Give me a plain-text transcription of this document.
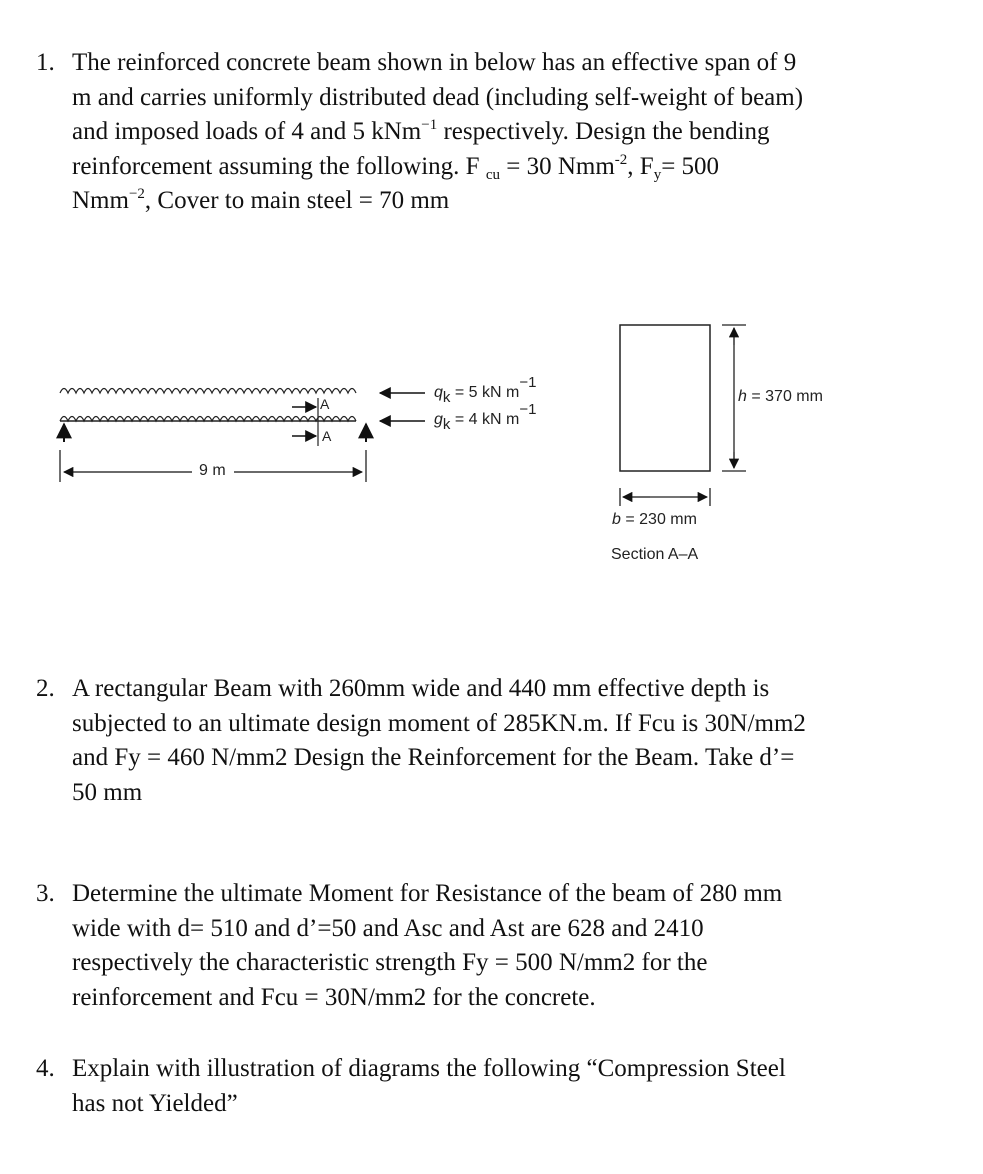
1. The reinforced concrete beam shown in below has an effective span of 9
m and carries uniformly distributed dead (including self-weight of beam)
and imposed loads of 4 and 5 kNm$^{-1}$ respectively. Design the bending
reinforcement assuming the following. F $_{cu}$ = 30 Nmm$^{-2}$, $F_y= 500$
Nmm$^{-2}$, Cover to main steel = 70 mm
$q_k = 5$ kN $m^{-1}$
$g_k = 4$ kN $m^{-1}$
A
A
9 m
h = 370 mm
b = 230 mm
Section A–A
2. A rectangular Beam with 260mm wide and 440 mm effective depth is
subjected to an ultimate design moment of 285KN.m. If Fcu is 30N/mm2
and Fy = 460 N/mm2 Design the Reinforcement for the Beam. Take d’=
50 mm
3. Determine the ultimate Moment for Resistance of the beam of 280 mm
wide with d= 510 and d’=50 and Asc and Ast are 628 and 2410
respectively the characteristic strength Fy = 500 N/mm2 for the
reinforcement and Fcu = 30N/mm2 for the concrete.
4. Explain with illustration of diagrams the following “Compression Steel
has not Yielded”
